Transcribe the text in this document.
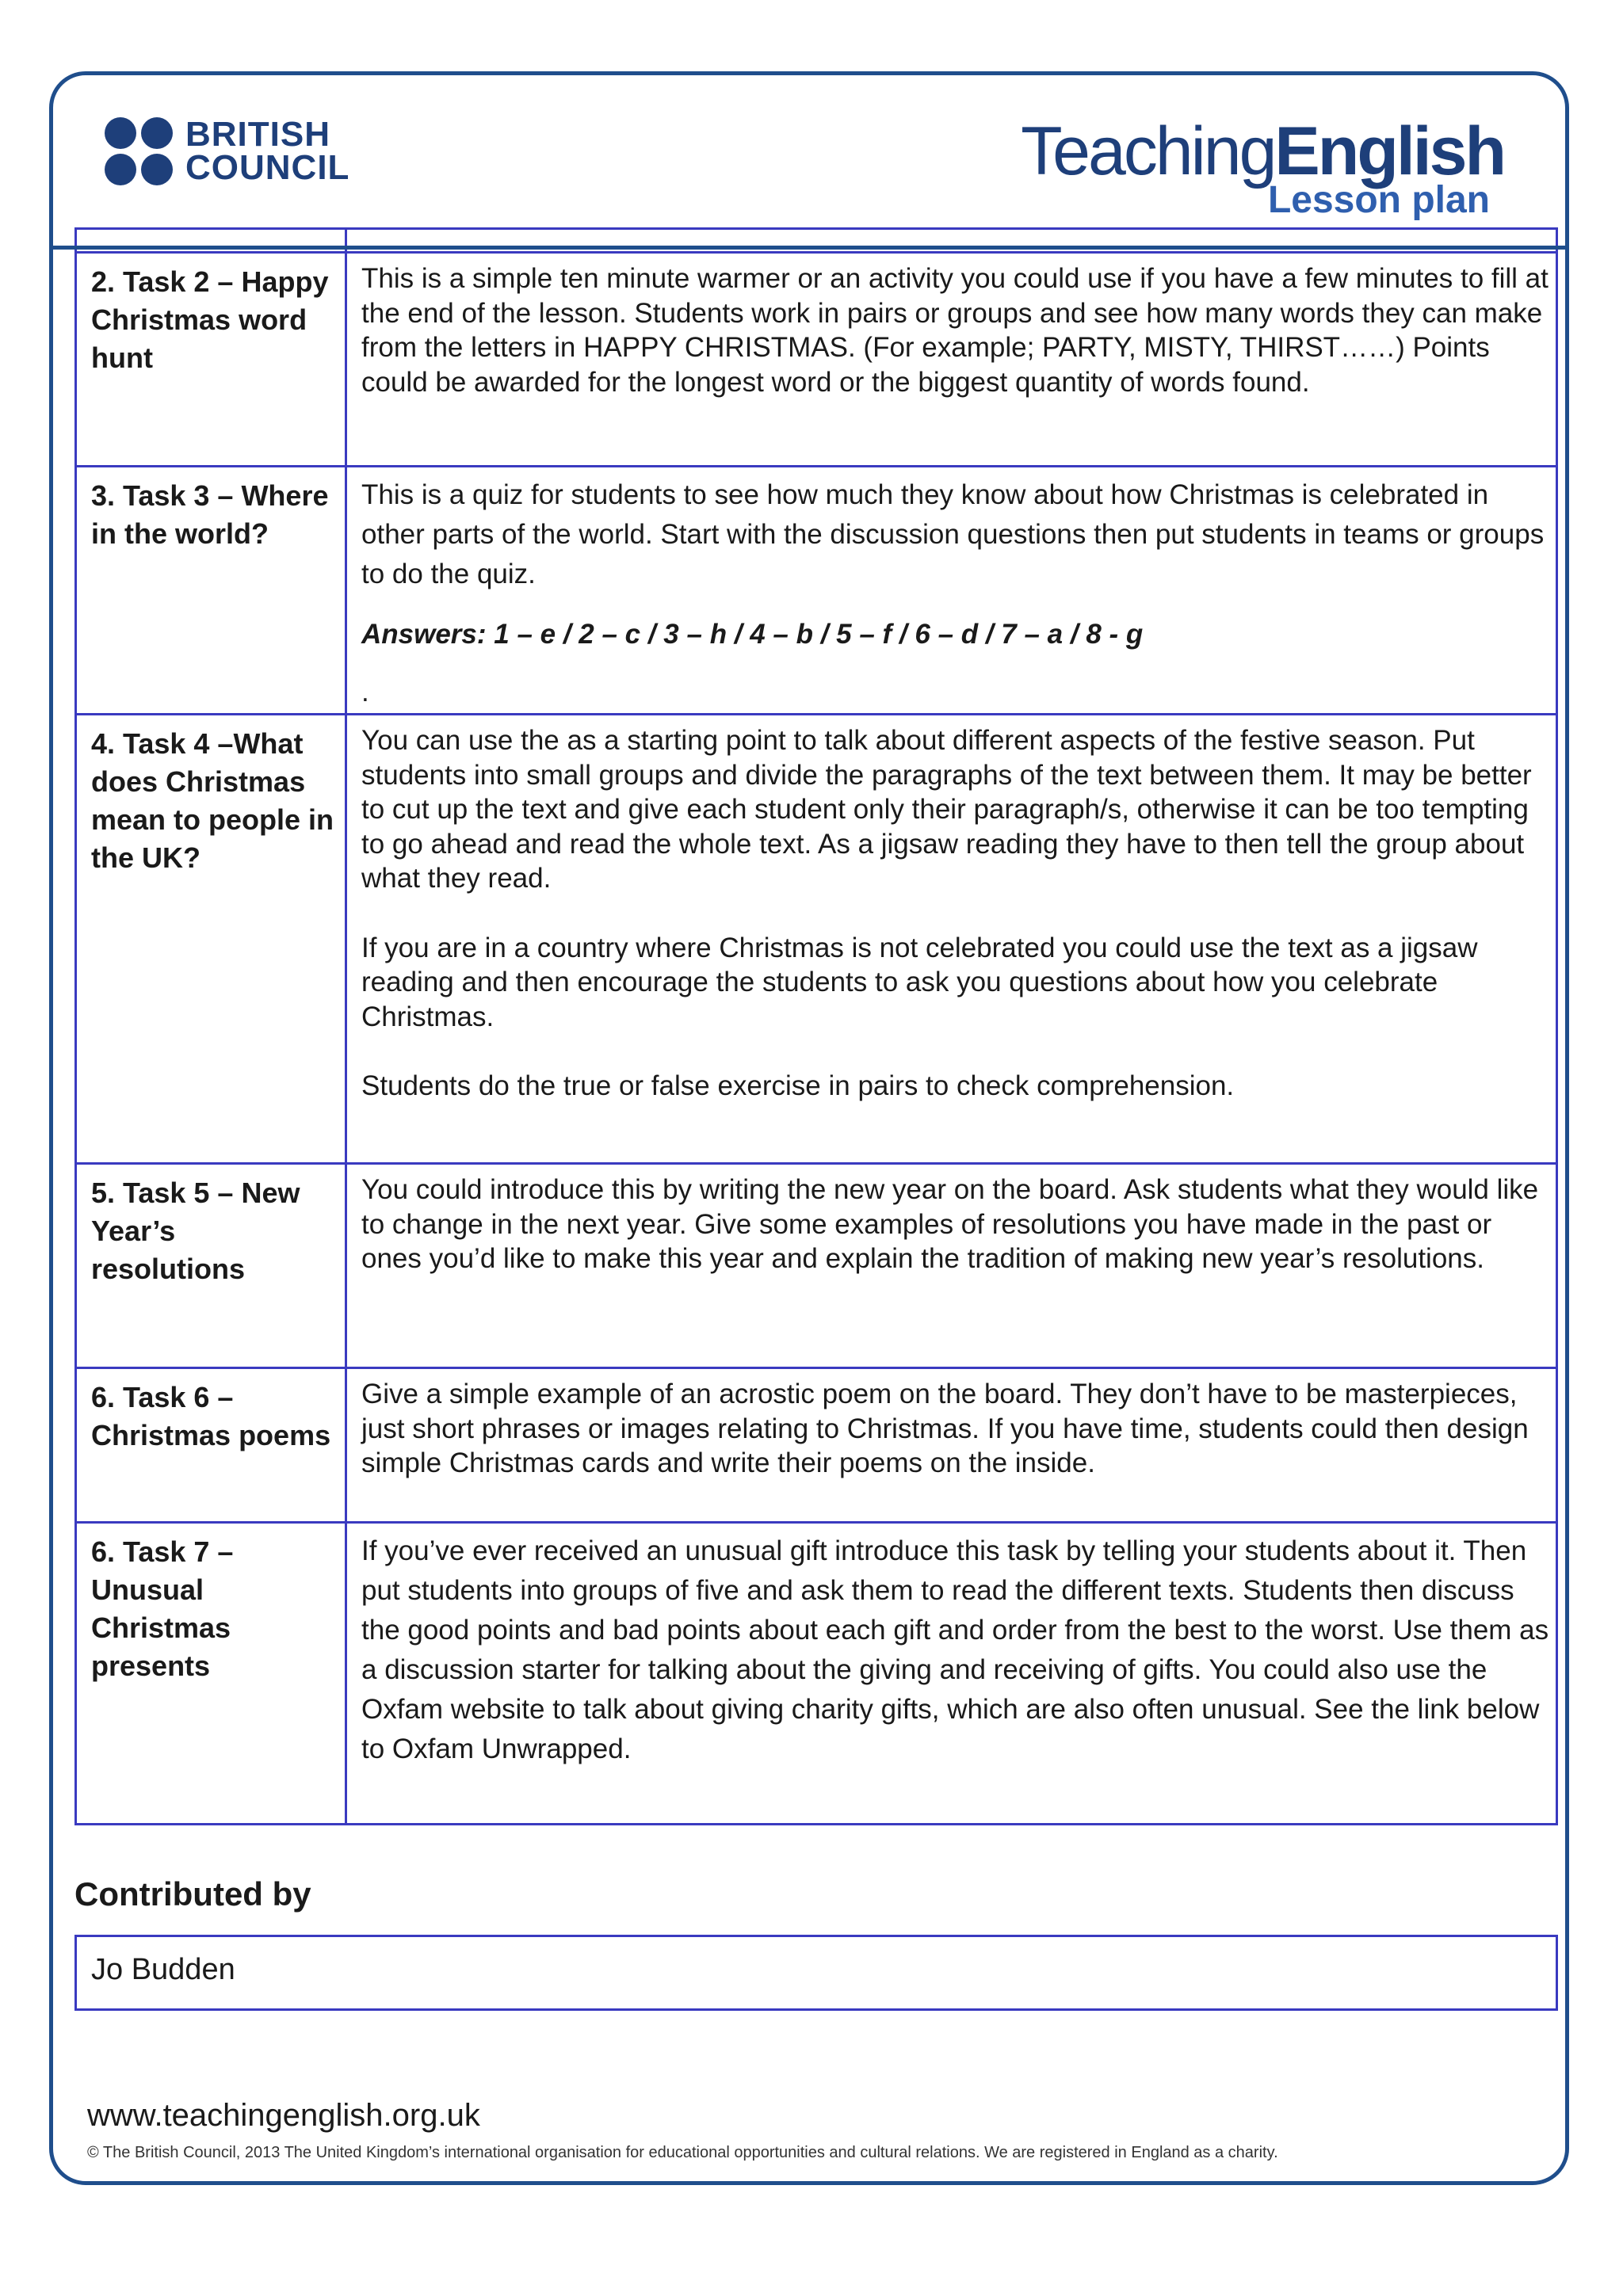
BRITISH
COUNCIL	TeachingEnglish
Lesson plan

2. Task 2 – Happy Christmas word hunt	This is a simple ten minute warmer or an activity you could use if you have a few minutes to fill at the end of the lesson. Students work in pairs or groups and see how many words they can make from the letters in HAPPY CHRISTMAS. (For example; PARTY, MISTY, THIRST……) Points could be awarded for the longest word or the biggest quantity of words found.

3. Task 3 – Where in the world?	This is a quiz for students to see how much they know about how Christmas is celebrated in other parts of the world. Start with the discussion questions then put students in teams or groups to do the quiz.

Answers: 1 – e / 2 – c / 3 – h / 4 – b / 5 – f / 6 – d / 7 – a / 8 - g

.

4. Task 4 –What does Christmas mean to people in the UK?	You can use the as a starting point to talk about different aspects of the festive season. Put students into small groups and divide the paragraphs of the text between them. It may be better to cut up the text and give each student only their paragraph/s, otherwise it can be too tempting to go ahead and read the whole text. As a jigsaw reading they have to then tell the group about what they read.

If you are in a country where Christmas is not celebrated you could use the text as a jigsaw reading and then encourage the students to ask you questions about how you celebrate Christmas.

Students do the true or false exercise in pairs to check comprehension.

5. Task 5 – New Year’s resolutions	You could introduce this by writing the new year on the board. Ask students what they would like to change in the next year. Give some examples of resolutions you have made in the past or ones you’d like to make this year and explain the tradition of making new year’s resolutions.

6. Task 6 – Christmas poems	Give a simple example of an acrostic poem on the board. They don’t have to be masterpieces, just short phrases or images relating to Christmas. If you have time, students could then design simple Christmas cards and write their poems on the inside.

6. Task 7 – Unusual Christmas presents	If you’ve ever received an unusual gift introduce this task by telling your students about it. Then put students into groups of five and ask them to read the different texts. Students then discuss the good points and bad points about each gift and order from the best to the worst. Use them as a discussion starter for talking about the giving and receiving of gifts. You could also use the Oxfam website to talk about giving charity gifts, which are also often unusual. See the link below to Oxfam Unwrapped.

Contributed by
Jo Budden
www.teachingenglish.org.uk
© The British Council, 2013 The United Kingdom’s international organisation for educational opportunities and cultural relations. We are registered in England as a charity.
